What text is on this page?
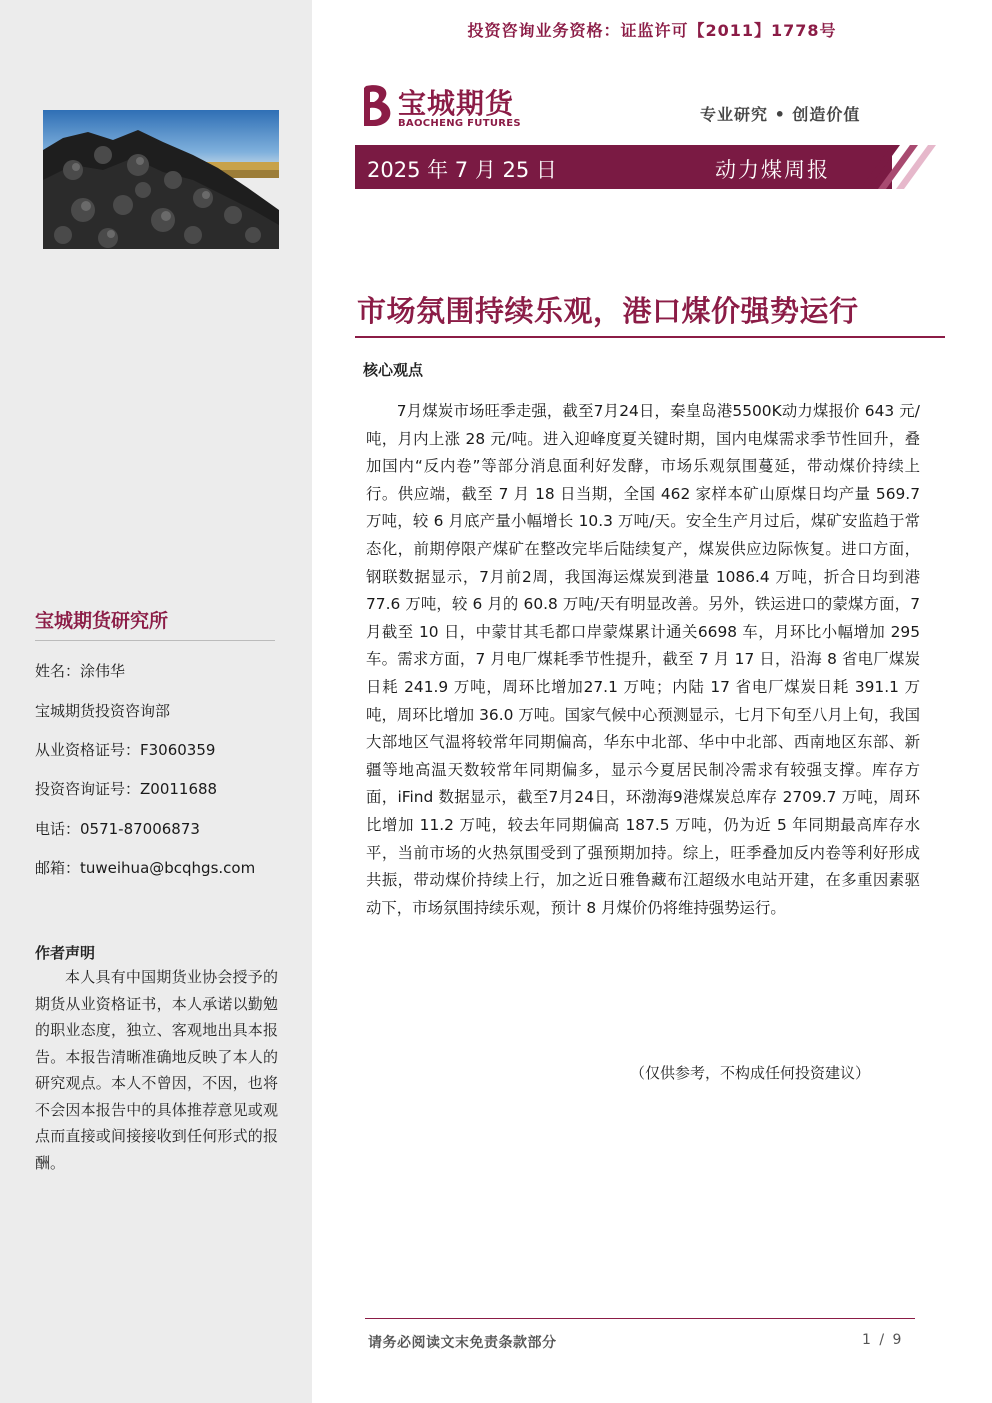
宝城期货研究所
姓名：涂伟华
宝城期货投资咨询部
从业资格证号：F3060359
投资咨询证号：Z0011688
电话：0571-87006873
邮箱：tuweihua@bcqhgs.com
作者声明
本人具有中国期货业协会授予的期货从业资格证书，本人承诺以勤勉的职业态度，独立、客观地出具本报告。本报告清晰准确地反映了本人的研究观点。本人不曾因，不因，也将不会因本报告中的具体推荐意见或观点而直接或间接接收到任何形式的报酬。
投资咨询业务资格：证监许可【2011】1778号
宝城期货
BAOCHENG FUTURES	专业研究 • 创造价值
2025 年 7 月 25 日	动力煤周报
市场氛围持续乐观，港口煤价强势运行
核心观点
7月煤炭市场旺季走强，截至7月24日，秦皇岛港5500K动力煤报价 643 元/吨，月内上涨 28 元/吨。进入迎峰度夏关键时期，国内电煤需求季节性回升，叠加国内“反内卷”等部分消息面利好发酵，市场乐观氛围蔓延，带动煤价持续上行。供应端，截至 7 月 18 日当期，全国 462 家样本矿山原煤日均产量 569.7 万吨，较 6 月底产量小幅增长 10.3 万吨/天。安全生产月过后，煤矿安监趋于常态化，前期停限产煤矿在整改完毕后陆续复产，煤炭供应边际恢复。进口方面，钢联数据显示，7月前2周，我国海运煤炭到港量 1086.4 万吨，折合日均到港 77.6 万吨，较 6 月的 60.8 万吨/天有明显改善。另外，铁运进口的蒙煤方面，7月截至 10 日，中蒙甘其毛都口岸蒙煤累计通关6698 车，月环比小幅增加 295 车。需求方面，7 月电厂煤耗季节性提升，截至 7 月 17 日，沿海 8 省电厂煤炭日耗 241.9 万吨，周环比增加27.1 万吨；内陆 17 省电厂煤炭日耗 391.1 万吨，周环比增加 36.0 万吨。国家气候中心预测显示，七月下旬至八月上旬，我国大部地区气温将较常年同期偏高，华东中北部、华中中北部、西南地区东部、新疆等地高温天数较常年同期偏多，显示今夏居民制冷需求有较强支撑。库存方面，iFind 数据显示，截至7月24日，环渤海9港煤炭总库存 2709.7 万吨，周环比增加 11.2 万吨，较去年同期偏高 187.5 万吨，仍为近 5 年同期最高库存水平，当前市场的火热氛围受到了强预期加持。综上，旺季叠加反内卷等利好形成共振，带动煤价持续上行，加之近日雅鲁藏布江超级水电站开建，在多重因素驱动下，市场氛围持续乐观，预计 8 月煤价仍将维持强势运行。
（仅供参考，不构成任何投资建议）
请务必阅读文末免责条款部分	1 / 9
